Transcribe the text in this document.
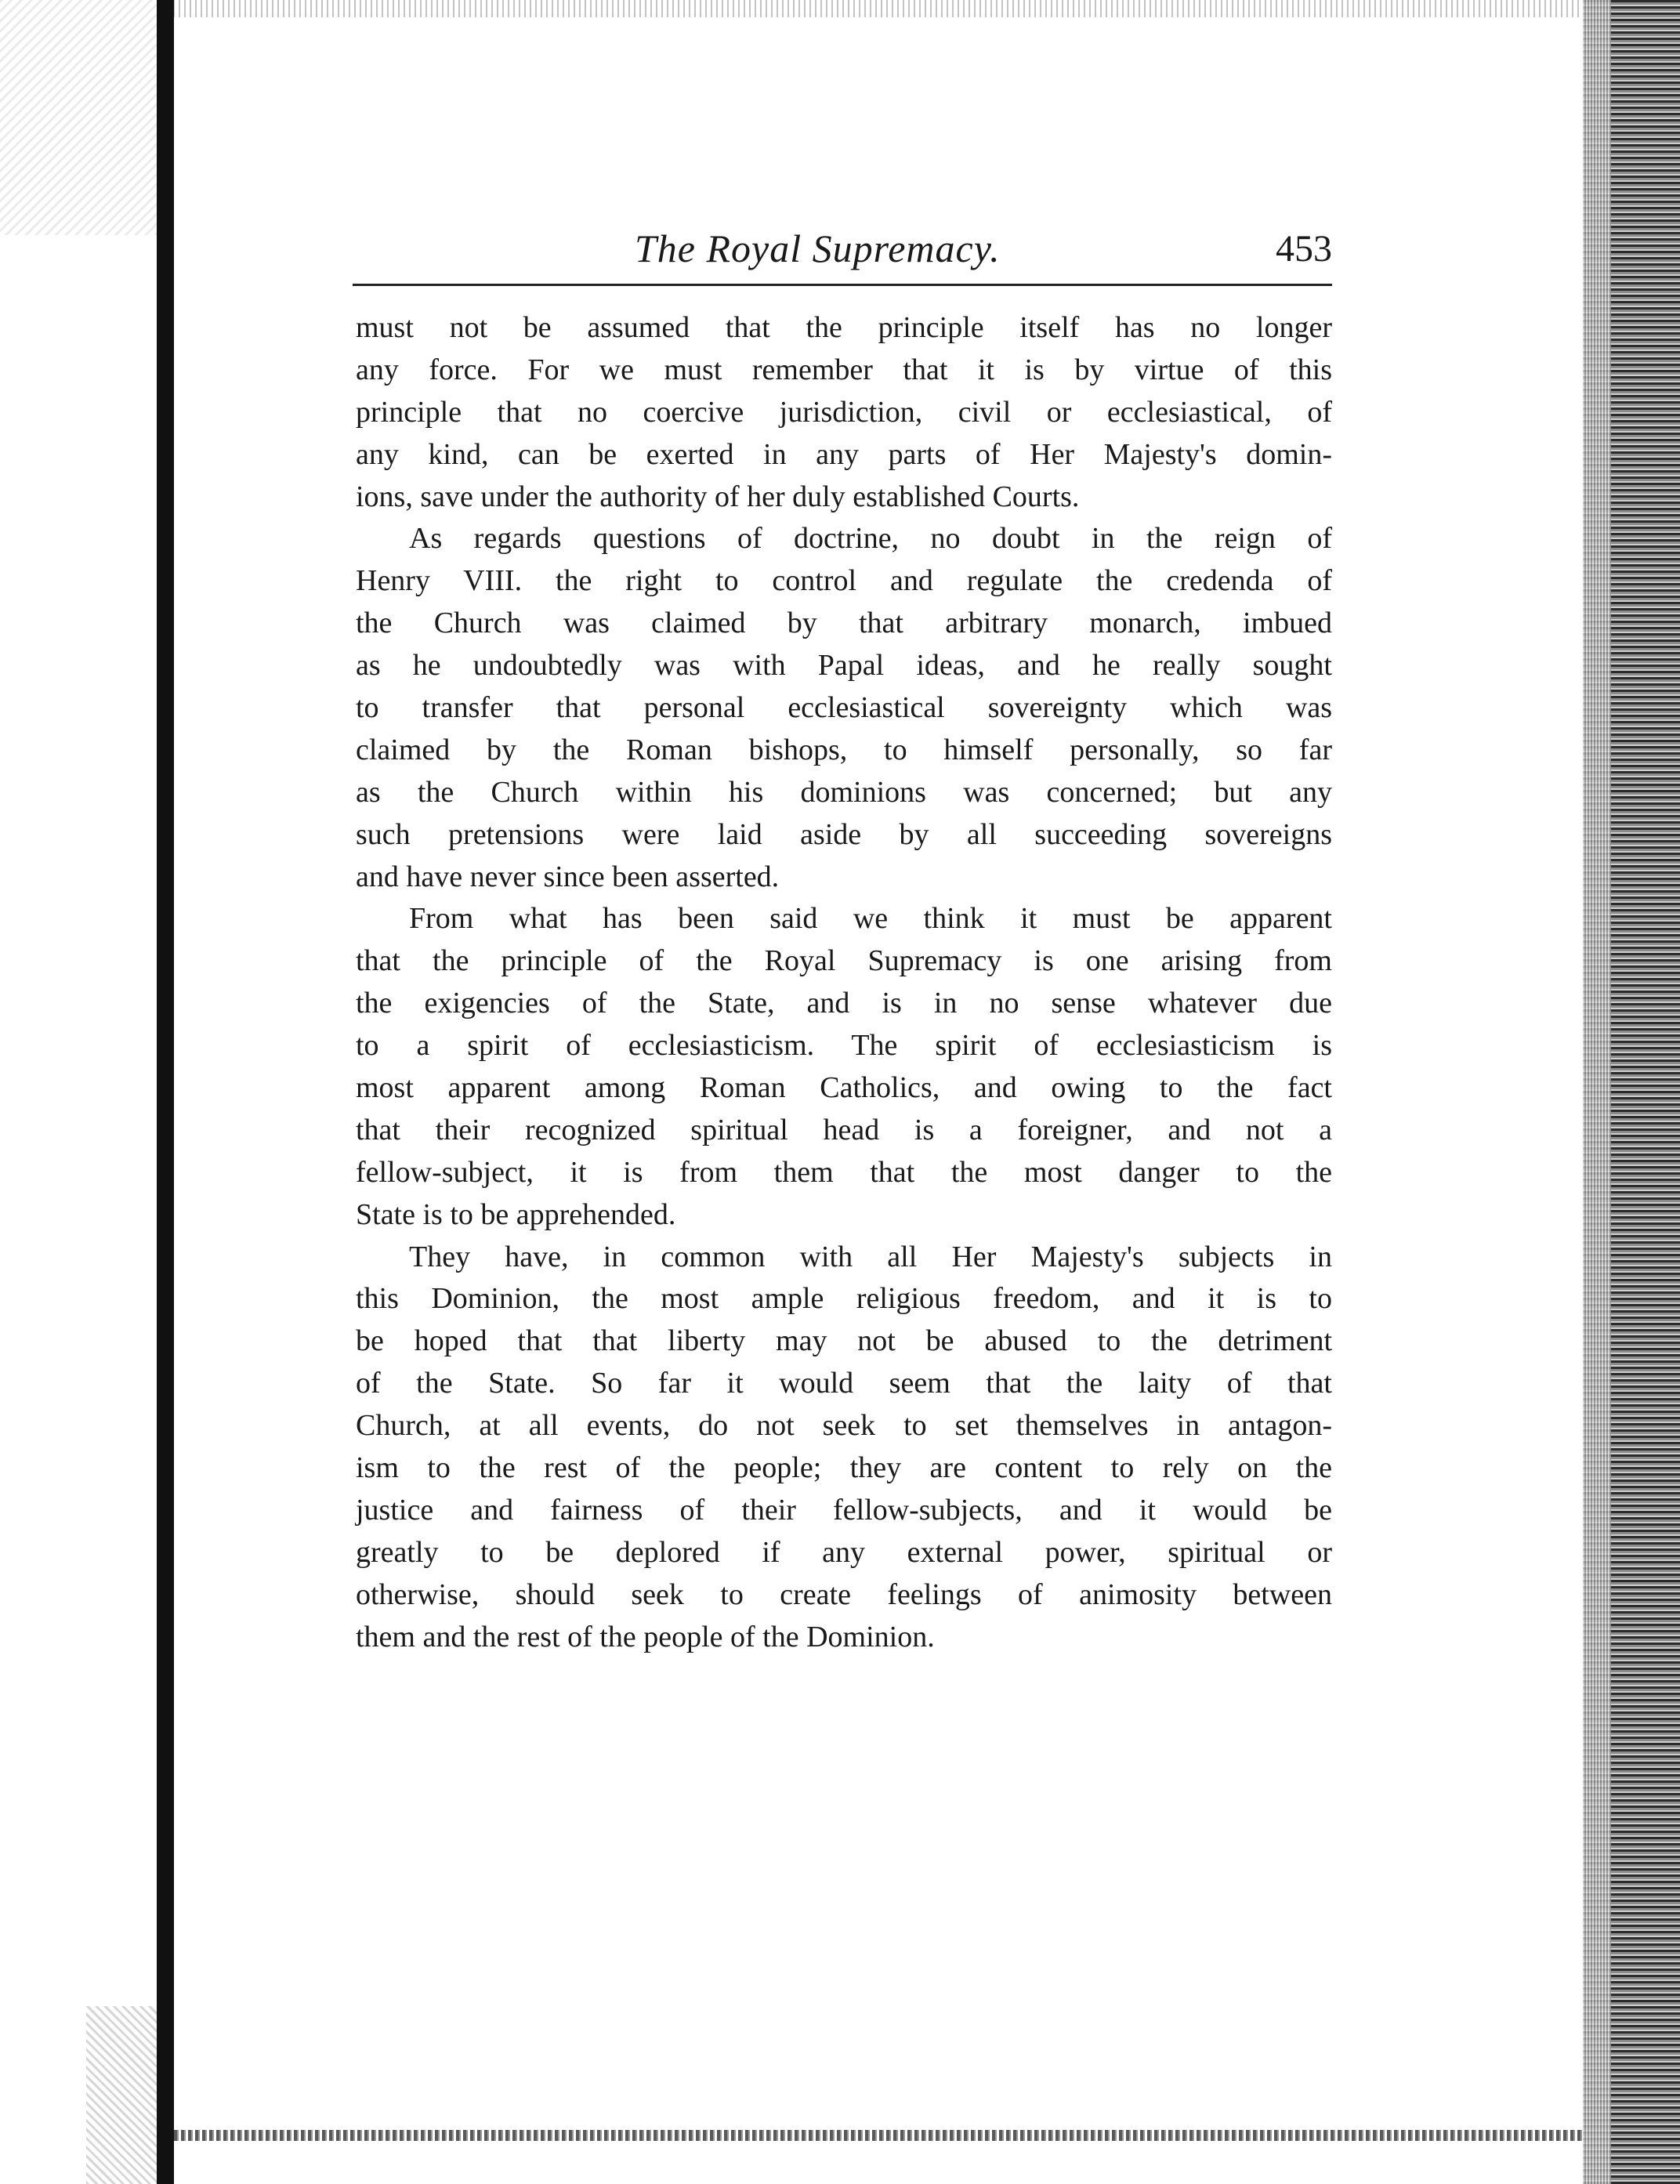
The Royal Supremacy.	453
must not be assumed that the principle itself has no longer
any force. For we must remember that it is by virtue of this
principle that no coercive jurisdiction, civil or ecclesiastical, of
any kind, can be exerted in any parts of Her Majesty's domin-
ions, save under the authority of her duly established Courts.
As regards questions of doctrine, no doubt in the reign of
Henry VIII. the right to control and regulate the credenda of
the Church was claimed by that arbitrary monarch, imbued
as he undoubtedly was with Papal ideas, and he really sought
to transfer that personal ecclesiastical sovereignty which was
claimed by the Roman bishops, to himself personally, so far
as the Church within his dominions was concerned; but any
such pretensions were laid aside by all succeeding sovereigns
and have never since been asserted.
From what has been said we think it must be apparent
that the principle of the Royal Supremacy is one arising from
the exigencies of the State, and is in no sense whatever due
to a spirit of ecclesiasticism. The spirit of ecclesiasticism is
most apparent among Roman Catholics, and owing to the fact
that their recognized spiritual head is a foreigner, and not a
fellow-subject, it is from them that the most danger to the
State is to be apprehended.
They have, in common with all Her Majesty's subjects in
this Dominion, the most ample religious freedom, and it is to
be hoped that that liberty may not be abused to the detriment
of the State. So far it would seem that the laity of that
Church, at all events, do not seek to set themselves in antagon-
ism to the rest of the people; they are content to rely on the
justice and fairness of their fellow-subjects, and it would be
greatly to be deplored if any external power, spiritual or
otherwise, should seek to create feelings of animosity between
them and the rest of the people of the Dominion.
